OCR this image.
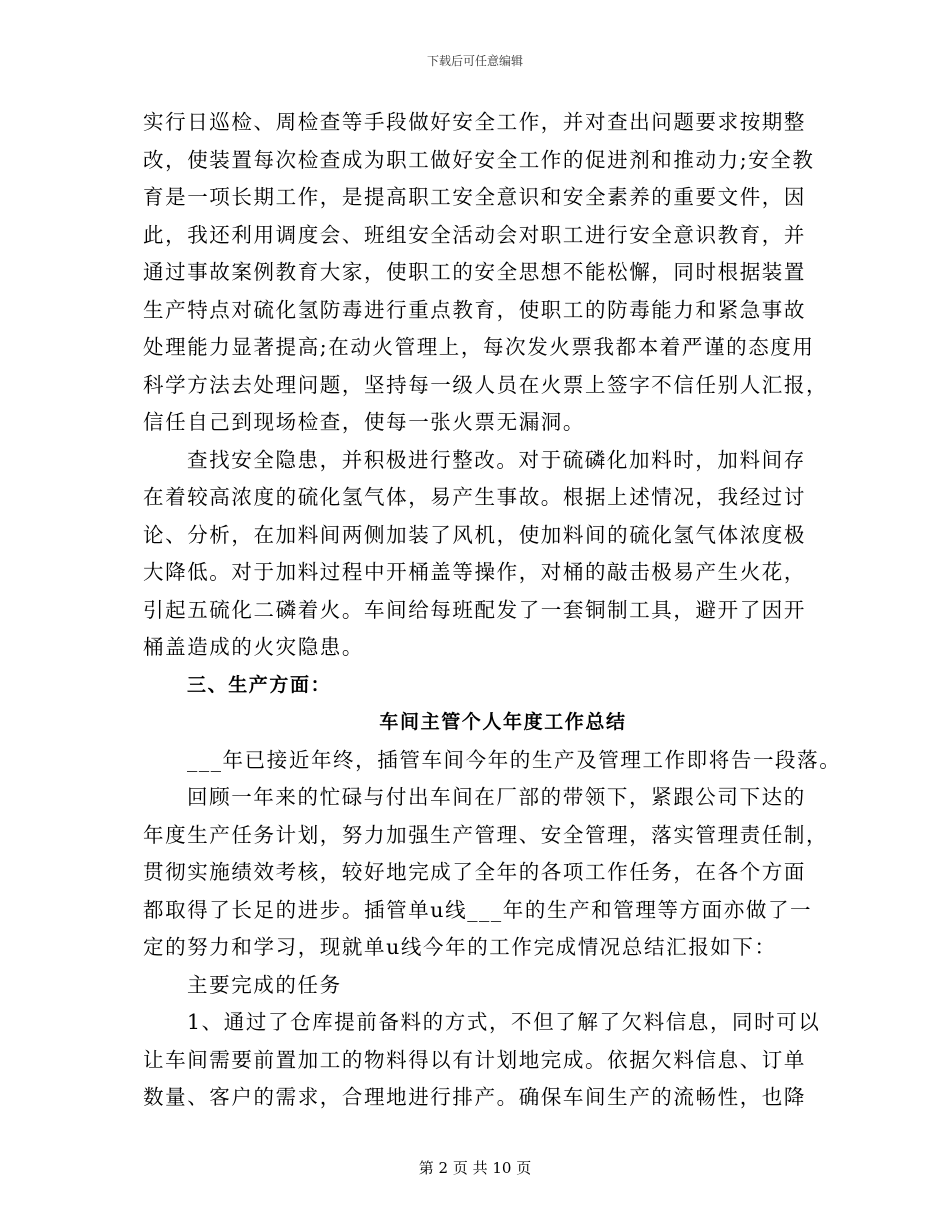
下载后可任意编辑
实行日巡检、周检查等手段做好安全工作，并对查出问题要求按期整
改，使装置每次检查成为职工做好安全工作的促进剂和推动力;安全教
育是一项长期工作，是提高职工安全意识和安全素养的重要文件，因
此，我还利用调度会、班组安全活动会对职工进行安全意识教育，并
通过事故案例教育大家，使职工的安全思想不能松懈，同时根据装置
生产特点对硫化氢防毒进行重点教育，使职工的防毒能力和紧急事故
处理能力显著提高;在动火管理上，每次发火票我都本着严谨的态度用
科学方法去处理问题，坚持每一级人员在火票上签字不信任别人汇报，
信任自己到现场检查，使每一张火票无漏洞。
查找安全隐患，并积极进行整改。对于硫磷化加料时，加料间存
在着较高浓度的硫化氢气体，易产生事故。根据上述情况，我经过讨
论、分析，在加料间两侧加装了风机，使加料间的硫化氢气体浓度极
大降低。对于加料过程中开桶盖等操作，对桶的敲击极易产生火花，
引起五硫化二磷着火。车间给每班配发了一套铜制工具，避开了因开
桶盖造成的火灾隐患。
三、生产方面：
车间主管个人年度工作总结
___年已接近年终，插管车间今年的生产及管理工作即将告一段落。
回顾一年来的忙碌与付出车间在厂部的带领下，紧跟公司下达的
年度生产任务计划，努力加强生产管理、安全管理，落实管理责任制，
贯彻实施绩效考核，较好地完成了全年的各项工作任务，在各个方面
都取得了长足的进步。插管单u线___年的生产和管理等方面亦做了一
定的努力和学习，现就单u线今年的工作完成情况总结汇报如下：
主要完成的任务
1、通过了仓库提前备料的方式，不但了解了欠料信息，同时可以
让车间需要前置加工的物料得以有计划地完成。依据欠料信息、订单
数量、客户的需求，合理地进行排产。确保车间生产的流畅性，也降
第 2 页 共 10 页
